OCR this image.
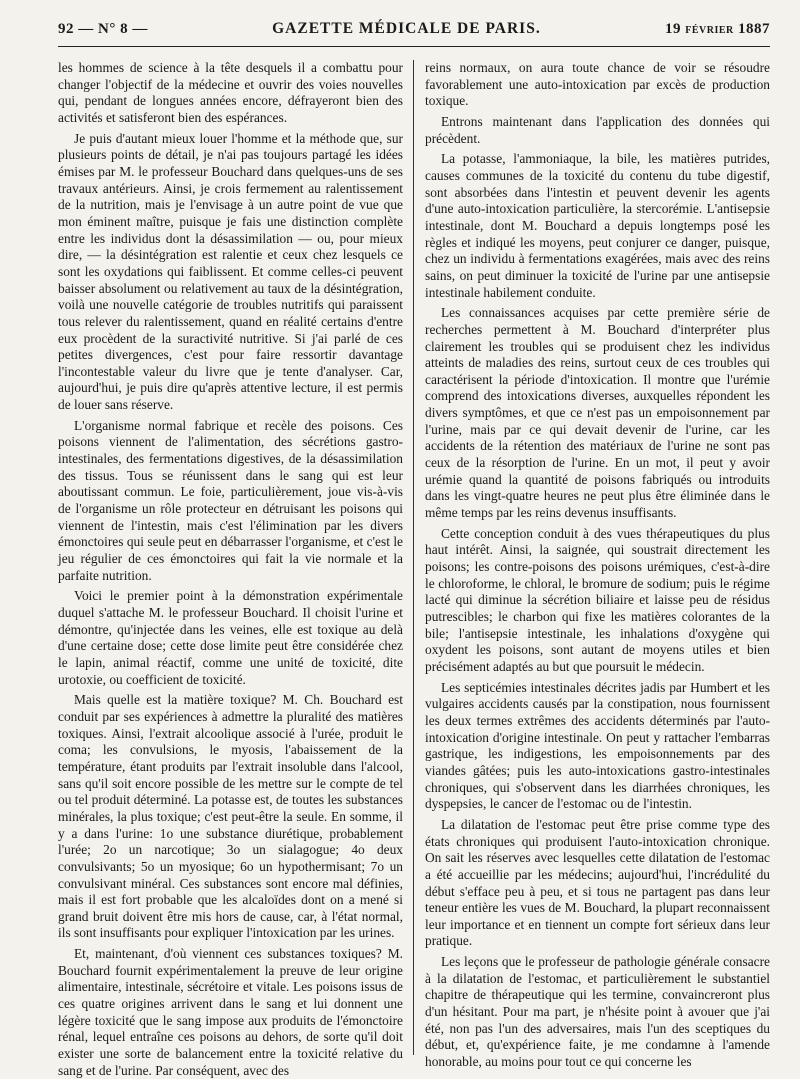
92 — N° 8 —	GAZETTE MÉDICALE DE PARIS.	19 FÉVRIER 1887

les hommes de science à la tête desquels il a combattu pour changer l'objectif de la médecine et ouvrir des voies nouvelles qui, pendant de longues années encore, défrayeront bien des activités et satisferont bien des espérances.

Je puis d'autant mieux louer l'homme et la méthode que, sur plusieurs points de détail, je n'ai pas toujours partagé les idées émises par M. le professeur Bouchard dans quelques-uns de ses travaux antérieurs. Ainsi, je crois fermement au ralentissement de la nutrition, mais je l'envisage à un autre point de vue que mon éminent maître, puisque je fais une distinction complète entre les individus dont la désassimilation — ou, pour mieux dire, — la désintégration est ralentie et ceux chez lesquels ce sont les oxydations qui faiblissent. Et comme celles-ci peuvent baisser absolument ou relativement au taux de la désintégration, voilà une nouvelle catégorie de troubles nutritifs qui paraissent tous relever du ralentissement, quand en réalité certains d'entre eux procèdent de la suractivité nutritive. Si j'ai parlé de ces petites divergences, c'est pour faire ressortir davantage l'incontestable valeur du livre que je tente d'analyser. Car, aujourd'hui, je puis dire qu'après attentive lecture, il est permis de louer sans réserve.

L'organisme normal fabrique et recèle des poisons. Ces poisons viennent de l'alimentation, des sécrétions gastro-intestinales, des fermentations digestives, de la désassimilation des tissus. Tous se réunissent dans le sang qui est leur aboutissant commun. Le foie, particulièrement, joue vis-à-vis de l'organisme un rôle protecteur en détruisant les poisons qui viennent de l'intestin, mais c'est l'élimination par les divers émonctoires qui seule peut en débarrasser l'organisme, et c'est le jeu régulier de ces émonctoires qui fait la vie normale et la parfaite nutrition.

Voici le premier point à la démonstration expérimentale duquel s'attache M. le professeur Bouchard. Il choisit l'urine et démontre, qu'injectée dans les veines, elle est toxique au delà d'une certaine dose; cette dose limite peut être considérée chez le lapin, animal réactif, comme une unité de toxicité, dite urotoxie, ou coefficient de toxicité.

Mais quelle est la matière toxique? M. Ch. Bouchard est conduit par ses expériences à admettre la pluralité des matières toxiques. Ainsi, l'extrait alcoolique associé à l'urée, produit le coma; les convulsions, le myosis, l'abaissement de la température, étant produits par l'extrait insoluble dans l'alcool, sans qu'il soit encore possible de les mettre sur le compte de tel ou tel produit déterminé. La potasse est, de toutes les substances minérales, la plus toxique; c'est peut-être la seule. En somme, il y a dans l'urine: 1o une substance diurétique, probablement l'urée; 2o un narcotique; 3o un sialagogue; 4o deux convulsivants; 5o un myosique; 6o un hypothermisant; 7o un convulsivant minéral. Ces substances sont encore mal définies, mais il est fort probable que les alcaloïdes dont on a mené si grand bruit doivent être mis hors de cause, car, à l'état normal, ils sont insuffisants pour expliquer l'intoxication par les urines.

Et, maintenant, d'où viennent ces substances toxiques? M. Bouchard fournit expérimentalement la preuve de leur origine alimentaire, intestinale, sécrétoire et vitale. Les poisons issus de ces quatre origines arrivent dans le sang et lui donnent une légère toxicité que le sang impose aux produits de l'émonctoire rénal, lequel entraîne ces poisons au dehors, de sorte qu'il doit exister une sorte de balancement entre la toxicité relative du sang et de l'urine. Par conséquent, avec des

reins normaux, on aura toute chance de voir se résoudre favorablement une auto-intoxication par excès de production toxique.

Entrons maintenant dans l'application des données qui précèdent.

La potasse, l'ammoniaque, la bile, les matières putrides, causes communes de la toxicité du contenu du tube digestif, sont absorbées dans l'intestin et peuvent devenir les agents d'une auto-intoxication particulière, la stercorémie. L'antisepsie intestinale, dont M. Bouchard a depuis longtemps posé les règles et indiqué les moyens, peut conjurer ce danger, puisque, chez un individu à fermentations exagérées, mais avec des reins sains, on peut diminuer la toxicité de l'urine par une antisepsie intestinale habilement conduite.

Les connaissances acquises par cette première série de recherches permettent à M. Bouchard d'interpréter plus clairement les troubles qui se produisent chez les individus atteints de maladies des reins, surtout ceux de ces troubles qui caractérisent la période d'intoxication. Il montre que l'urémie comprend des intoxications diverses, auxquelles répondent les divers symptômes, et que ce n'est pas un empoisonnement par l'urine, mais par ce qui devait devenir de l'urine, car les accidents de la rétention des matériaux de l'urine ne sont pas ceux de la résorption de l'urine. En un mot, il peut y avoir urémie quand la quantité de poisons fabriqués ou introduits dans les vingt-quatre heures ne peut plus être éliminée dans le même temps par les reins devenus insuffisants.

Cette conception conduit à des vues thérapeutiques du plus haut intérêt. Ainsi, la saignée, qui soustrait directement les poisons; les contre-poisons des poisons urémiques, c'est-à-dire le chloroforme, le chloral, le bromure de sodium; puis le régime lacté qui diminue la sécrétion biliaire et laisse peu de résidus putrescibles; le charbon qui fixe les matières colorantes de la bile; l'antisepsie intestinale, les inhalations d'oxygène qui oxydent les poisons, sont autant de moyens utiles et bien précisément adaptés au but que poursuit le médecin.

Les septicémies intestinales décrites jadis par Humbert et les vulgaires accidents causés par la constipation, nous fournissent les deux termes extrêmes des accidents déterminés par l'auto-intoxication d'origine intestinale. On peut y rattacher l'embarras gastrique, les indigestions, les empoisonnements par des viandes gâtées; puis les auto-intoxications gastro-intestinales chroniques, qui s'observent dans les diarrhées chroniques, les dyspepsies, le cancer de l'estomac ou de l'intestin.

La dilatation de l'estomac peut être prise comme type des états chroniques qui produisent l'auto-intoxication chronique. On sait les réserves avec lesquelles cette dilatation de l'estomac a été accueillie par les médecins; aujourd'hui, l'incrédulité du début s'efface peu à peu, et si tous ne partagent pas dans leur teneur entière les vues de M. Bouchard, la plupart reconnaissent leur importance et en tiennent un compte fort sérieux dans leur pratique.

Les leçons que le professeur de pathologie générale consacre à la dilatation de l'estomac, et particulièrement le substantiel chapitre de thérapeutique qui les termine, convaincreront plus d'un hésitant. Pour ma part, je n'hésite point à avouer que j'ai été, non pas l'un des adversaires, mais l'un des sceptiques du début, et, qu'expérience faite, je me condamne à l'amende honorable, au moins pour tout ce qui concerne les
